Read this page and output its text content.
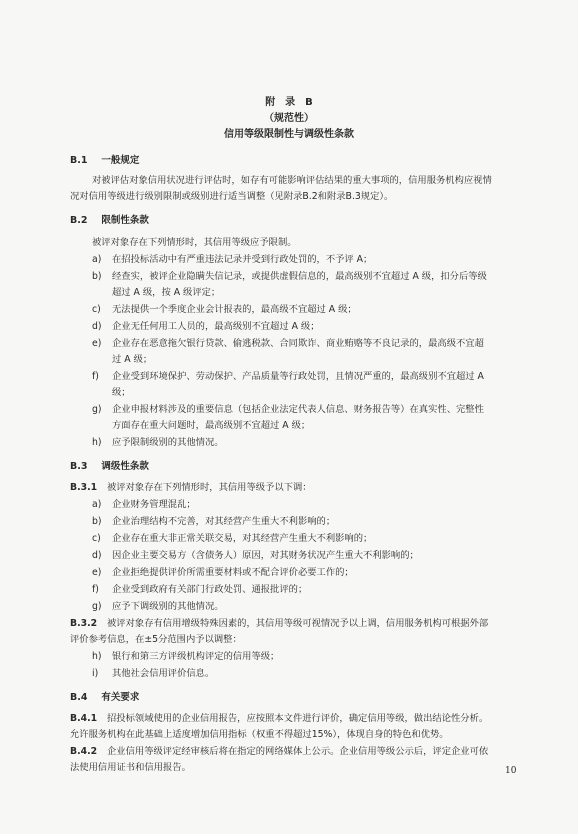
附　录　B
（规范性）
信用等级限制性与调级性条款
B.1 一般规定
对被评估对象信用状况进行评估时，如存有可能影响评估结果的重大事项的，信用服务机构应视情
况对信用等级进行级别限制或级别进行适当调整（见附录B.2和附录B.3规定）。
B.2 限制性条款
被评对象存在下列情形时，其信用等级应予限制。
a) 在招投标活动中有严重违法记录并受到行政处罚的，不予评 A；
b) 经查实，被评企业隐瞒失信记录，或提供虚假信息的，最高级别不宜超过 A 级，扣分后等级
超过 A 级，按 A 级评定；
c) 无法提供一个季度企业会计报表的，最高级不宜超过 A 级；
d) 企业无任何用工人员的，最高级别不宜超过 A 级；
e) 企业存在恶意拖欠银行贷款、偷逃税款、合同欺诈、商业贿赂等不良记录的，最高级不宜超
过 A 级；
f) 企业受到环境保护、劳动保护、产品质量等行政处罚，且情况严重的，最高级别不宜超过 A
级；
g) 企业申报材料涉及的重要信息（包括企业法定代表人信息、财务报告等）在真实性、完整性
方面存在重大问题时，最高级别不宜超过 A 级；
h) 应予限制级别的其他情况。
B.3 调级性条款
B.3.1 被评对象存在下列情形时，其信用等级予以下调：
a) 企业财务管理混乱；
b) 企业治理结构不完善，对其经营产生重大不利影响的；
c) 企业存在重大非正常关联交易，对其经营产生重大不利影响的；
d) 因企业主要交易方（含债务人）原因，对其财务状况产生重大不利影响的；
e) 企业拒绝提供评价所需重要材料或不配合评价必要工作的；
f) 企业受到政府有关部门行政处罚、通报批评的；
g) 应予下调级别的其他情况。
B.3.2 被评对象存有信用增级特殊因素的，其信用等级可视情况予以上调，信用服务机构可根据外部
评价参考信息，在±5分范围内予以调整：
h) 银行和第三方评级机构评定的信用等级；
i) 其他社会信用评价信息。
B.4 有关要求
B.4.1 招投标领域使用的企业信用报告，应按照本文件进行评价，确定信用等级，做出结论性分析。
允许服务机构在此基础上适度增加信用指标（权重不得超过15%），体现自身的特色和优势。
B.4.2 企业信用等级评定经审核后将在指定的网络媒体上公示。企业信用等级公示后，评定企业可依
法使用信用证书和信用报告。	10
